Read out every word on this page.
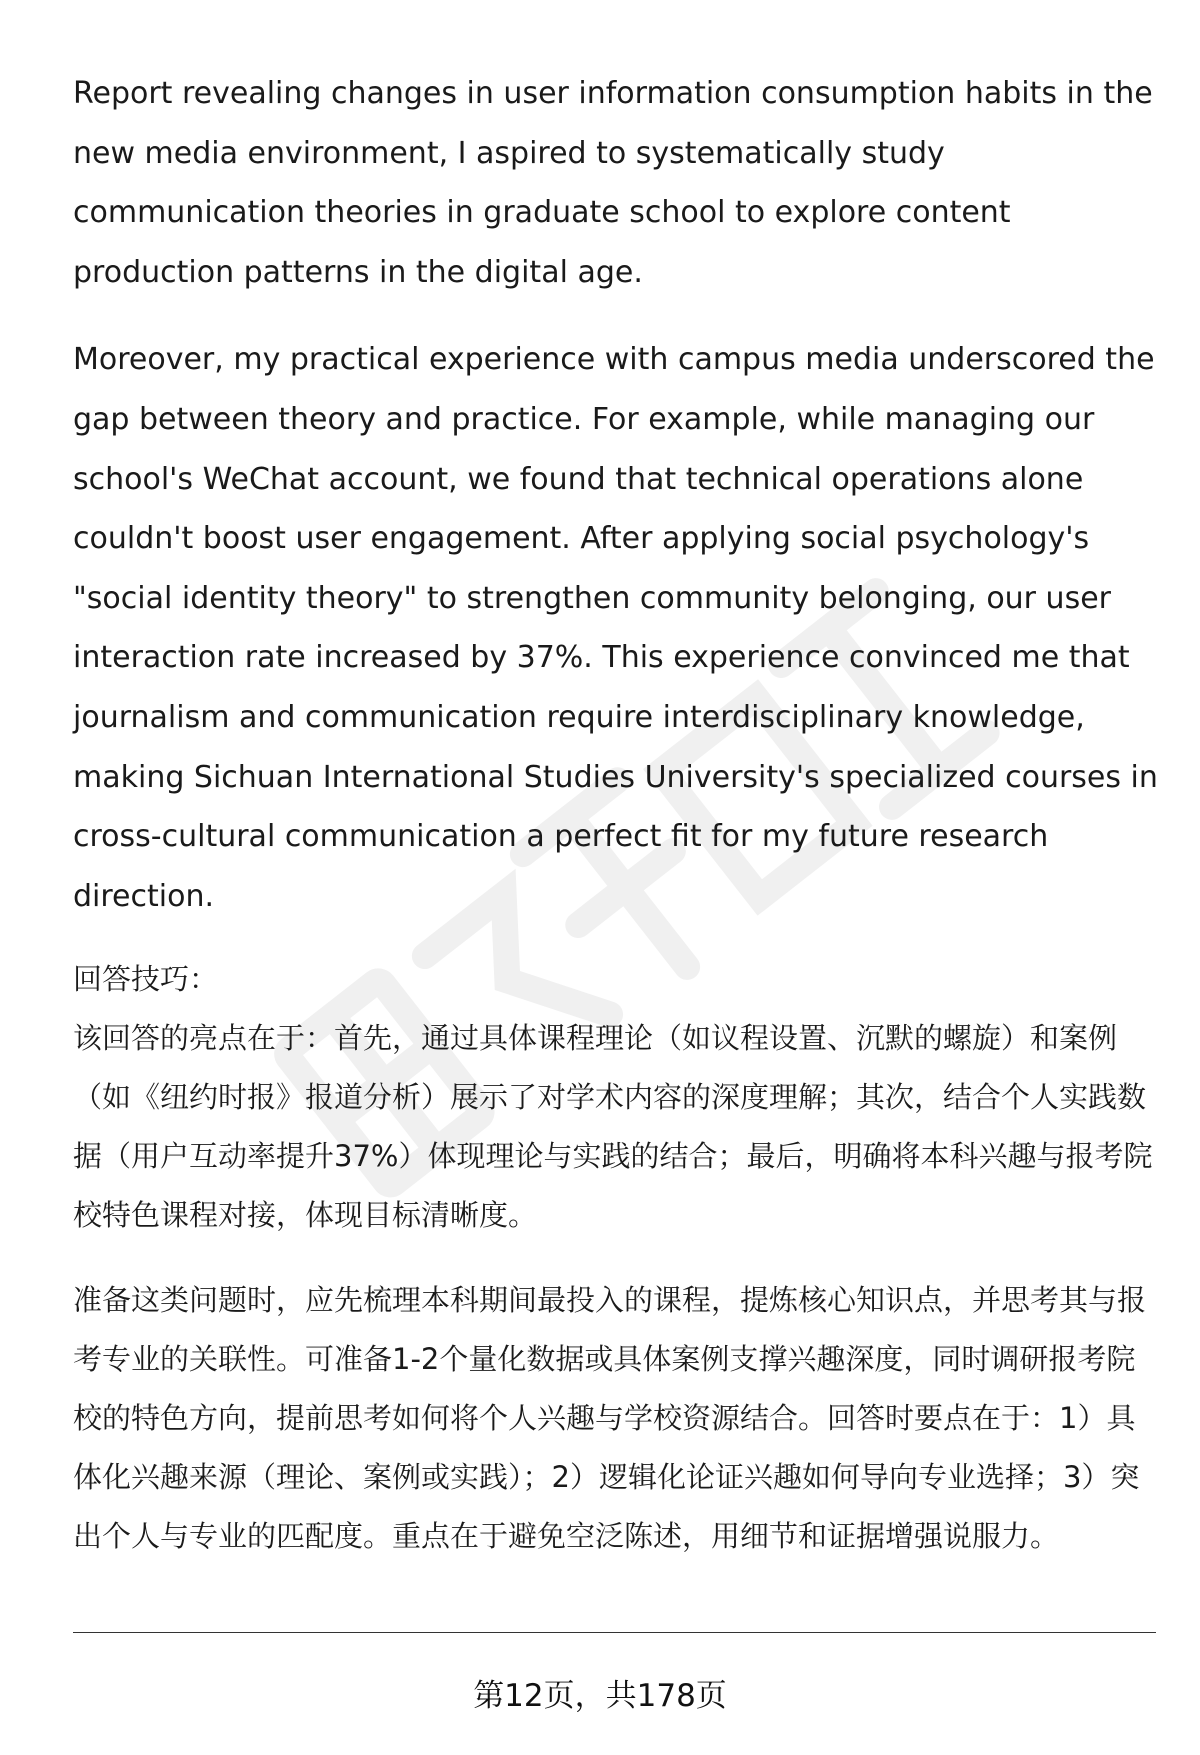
Report revealing changes in user information consumption habits in the new media environment, I aspired to systematically study communication theories in graduate school to explore content production patterns in the digital age.

Moreover, my practical experience with campus media underscored the gap between theory and practice. For example, while managing our school's WeChat account, we found that technical operations alone couldn't boost user engagement. After applying social psychology's "social identity theory" to strengthen community belonging, our user interaction rate increased by 37%. This experience convinced me that journalism and communication require interdisciplinary knowledge, making Sichuan International Studies University's specialized courses in cross-cultural communication a perfect fit for my future research direction.

回答技巧：

该回答的亮点在于：首先，通过具体课程理论（如议程设置、沉默的螺旋）和案例（如《纽约时报》报道分析）展示了对学术内容的深度理解；其次，结合个人实践数据（用户互动率提升37%）体现理论与实践的结合；最后，明确将本科兴趣与报考院校特色课程对接，体现目标清晰度。

准备这类问题时，应先梳理本科期间最投入的课程，提炼核心知识点，并思考其与报考专业的关联性。可准备1-2个量化数据或具体案例支撑兴趣深度，同时调研报考院校的特色方向，提前思考如何将个人兴趣与学校资源结合。回答时要点在于：1）具体化兴趣来源（理论、案例或实践）；2）逻辑化论证兴趣如何导向专业选择；3）突出个人与专业的匹配度。重点在于避免空泛陈述，用细节和证据增强说服力。

第12页，共178页
